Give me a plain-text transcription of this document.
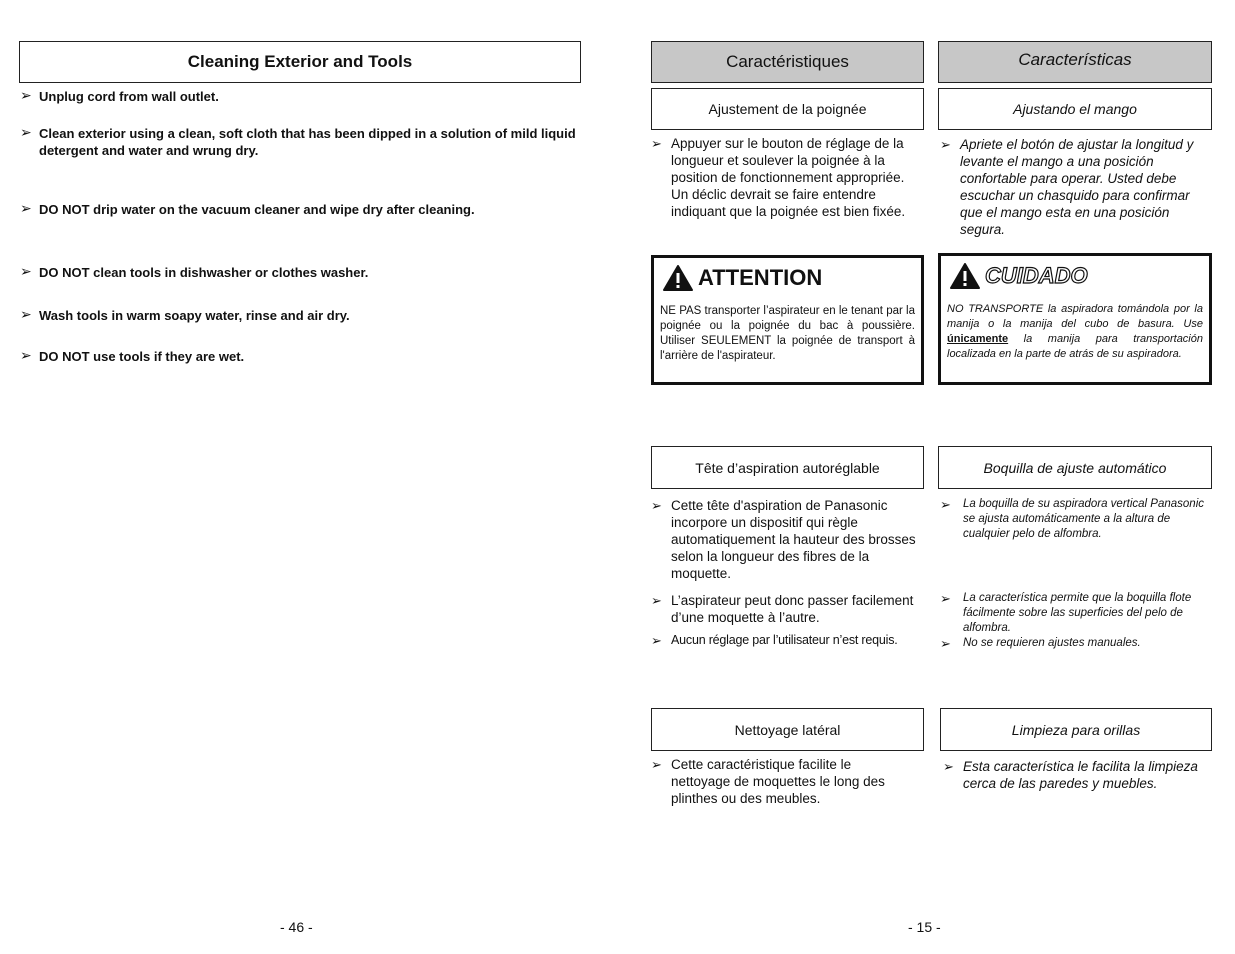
Cleaning Exterior and Tools
➢ Unplug cord from wall outlet.
➢ Clean exterior using a clean, soft cloth that has been dipped in a solution of mild liquid detergent and water and wrung dry.
➢ DO NOT drip water on the vacuum cleaner and wipe dry after cleaning.
➢ DO NOT clean tools in dishwasher or clothes washer.
➢ Wash tools in warm soapy water, rinse and air dry.
➢ DO NOT use tools if they are wet.
- 46 -
Caractéristiques	Características
Ajustement de la poignée	Ajustando el mango
➢ Appuyer sur le bouton de réglage de la longueur et soulever la poignée à la position de fonctionnement appropriée. Un déclic devrait se faire entendre indiquant que la poignée est bien fixée.
➢ Apriete el botón de ajustar la longitud y levante el mango a una posición confortable para operar. Usted debe escuchar un chasquido para confirmar que el mango esta en una posición segura.
ATTENTION
NE PAS transporter l’aspirateur en le tenant par la poignée ou la poignée du bac à poussière. Utiliser SEULEMENT la poignée de transport à l'arrière de l'aspirateur.
CUIDADO
NO TRANSPORTE la aspiradora tomándola por la manija o la manija del cubo de basura. Use únicamente la manija para transportación localizada en la parte de atrás de su aspiradora.
Tête d’aspiration autoréglable	Boquilla de ajuste automático
➢ Cette tête d'aspiration de Panasonic incorpore un dispositif qui règle automatiquement la hauteur des brosses selon la longueur des fibres de la moquette.
➢ L’aspirateur peut donc passer facilement d’une moquette à l’autre.
➢ Aucun réglage par l’utilisateur n’est requis.
➢	La boquilla de su aspiradora vertical Panasonic se ajusta automáticamente a la altura de cualquier pelo de alfombra.
➢	La característica permite que la boquilla flote fácilmente sobre las superficies del pelo de alfombra.
➢	No se requieren ajustes manuales.
Nettoyage latéral	Limpieza para orillas
➢ Cette caractéristique facilite le nettoyage de moquettes le long des plinthes ou des meubles.
➢ Esta característica le facilita la limpieza cerca de las paredes y muebles.
- 15 -
